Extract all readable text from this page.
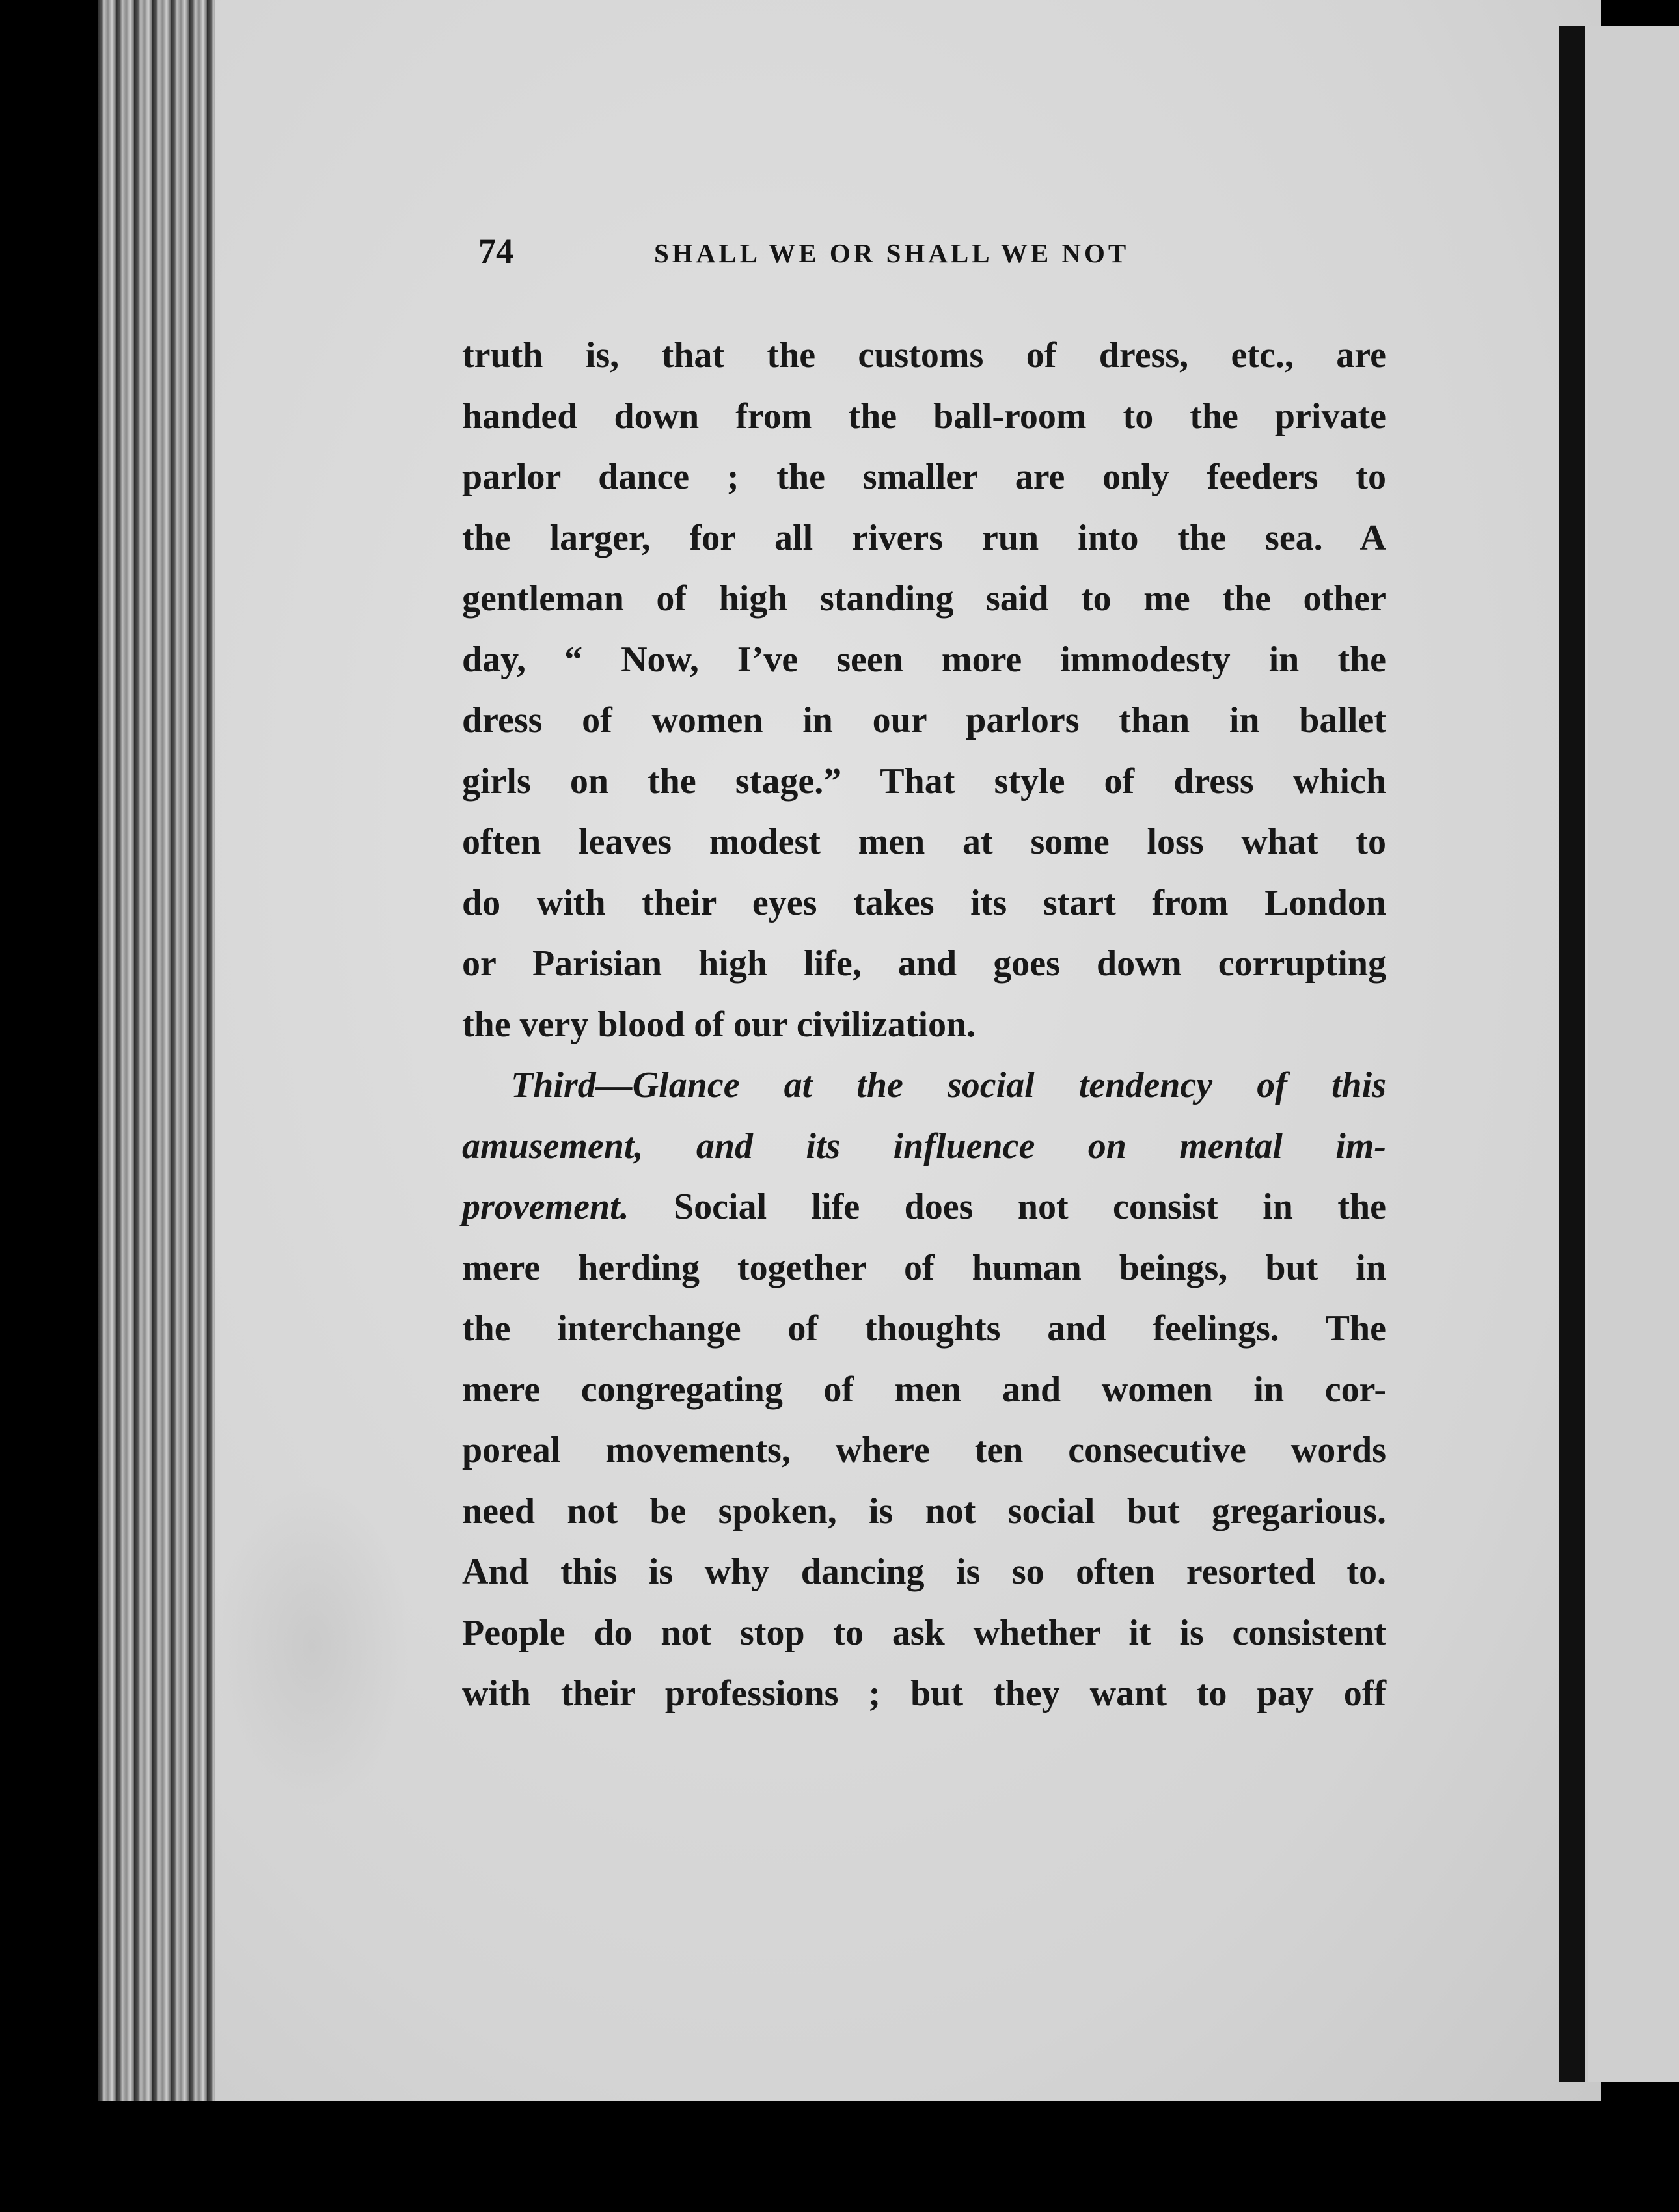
74	SHALL WE OR SHALL WE NOT
truth is, that the customs of dress, etc., are
handed down from the ball-room to the private
parlor dance ; the smaller are only feeders to
the larger, for all rivers run into the sea. A
gentleman of high standing said to me the other
day, “ Now, I’ve seen more immodesty in the
dress of women in our parlors than in ballet
girls on the stage.” That style of dress which
often leaves modest men at some loss what to
do with their eyes takes its start from London
or Parisian high life, and goes down corrupting
the very blood of our civilization.
Third—Glance at the social tendency of this
amusement, and its influence on mental im-
provement. Social life does not consist in the
mere herding together of human beings, but in
the interchange of thoughts and feelings. The
mere congregating of men and women in cor-
poreal movements, where ten consecutive words
need not be spoken, is not social but gregarious.
And this is why dancing is so often resorted to.
People do not stop to ask whether it is consistent
with their professions ; but they want to pay off
